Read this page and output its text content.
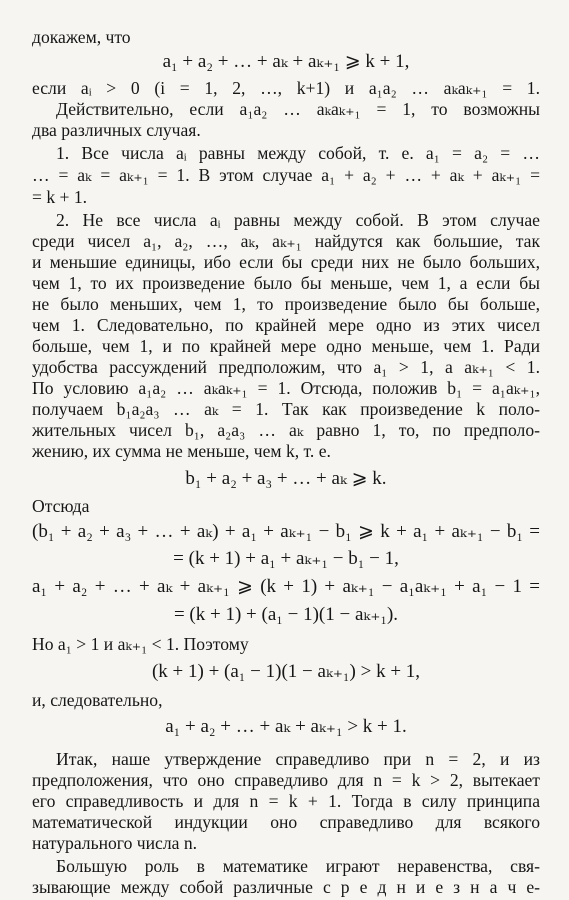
докажем, что
a₁ + a₂ + … + aₖ + aₖ₊₁ ⩾ k + 1,
если aᵢ > 0 (i = 1, 2, …, k+1) и a₁a₂ … aₖaₖ₊₁ = 1.
Действительно, если a₁a₂ … aₖaₖ₊₁ = 1, то возможны
два различных случая.
1. Все числа aᵢ равны между собой, т. е. a₁ = a₂ = …
… = aₖ = aₖ₊₁ = 1. В этом случае a₁ + a₂ + … + aₖ + aₖ₊₁ =
= k + 1.
2. Не все числа aᵢ равны между собой. В этом случае
среди чисел a₁, a₂, …, aₖ, aₖ₊₁ найдутся как большие, так
и меньшие единицы, ибо если бы среди них не было больших,
чем 1, то их произведение было бы меньше, чем 1, а если бы
не было меньших, чем 1, то произведение было бы больше,
чем 1. Следовательно, по крайней мере одно из этих чисел
больше, чем 1, и по крайней мере одно меньше, чем 1. Ради
удобства рассуждений предположим, что a₁ > 1, а aₖ₊₁ < 1.
По условию a₁a₂ … aₖaₖ₊₁ = 1. Отсюда, положив b₁ = a₁aₖ₊₁,
получаем b₁a₂a₃ … aₖ = 1. Так как произведение k поло-
жительных чисел b₁, a₂a₃ … aₖ равно 1, то, по предполо-
жению, их сумма не меньше, чем k, т. е.
b₁ + a₂ + a₃ + … + aₖ ⩾ k.
Отсюда
(b₁ + a₂ + a₃ + … + aₖ) + a₁ + aₖ₊₁ − b₁ ⩾ k + a₁ + aₖ₊₁ − b₁ =
= (k + 1) + a₁ + aₖ₊₁ − b₁ − 1,
a₁ + a₂ + … + aₖ + aₖ₊₁ ⩾ (k + 1) + aₖ₊₁ − a₁aₖ₊₁ + a₁ − 1 =
= (k + 1) + (a₁ − 1)(1 − aₖ₊₁).
Но a₁ > 1 и aₖ₊₁ < 1. Поэтому
(k + 1) + (a₁ − 1)(1 − aₖ₊₁) > k + 1,
и, следовательно,
a₁ + a₂ + … + aₖ + aₖ₊₁ > k + 1.
Итак, наше утверждение справедливо при n = 2, и из
предположения, что оно справедливо для n = k > 2, вытекает
его справедливость и для n = k + 1. Тогда в силу принципа
математической индукции оно справедливо для всякого
натурального числа n.
Большую роль в математике играют неравенства, свя-
зывающие между собой различные с р е д н и е з н а ч е-
